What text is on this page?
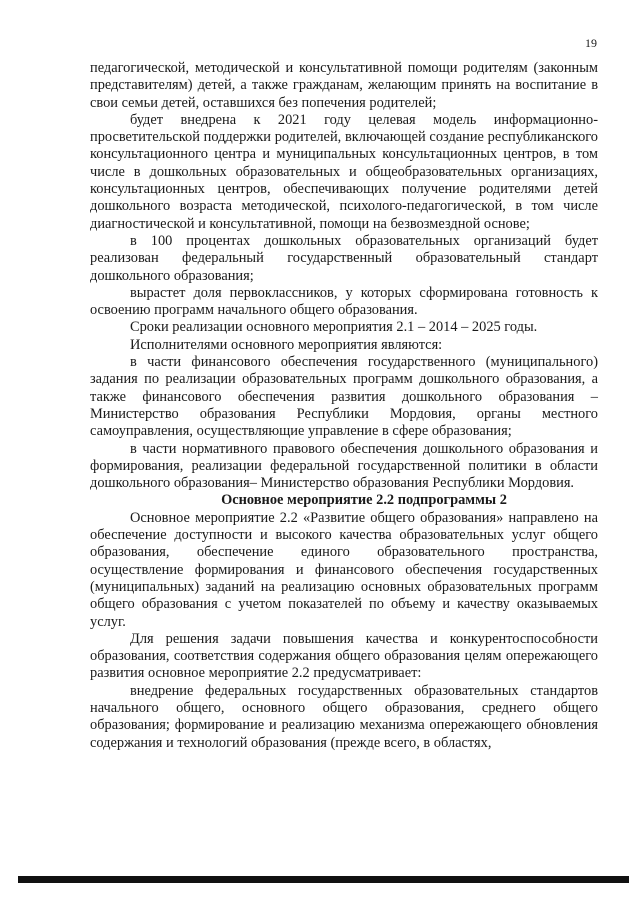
19

педагогической, методической и консультативной помощи родителям (законным представителям) детей, а также гражданам, желающим принять на воспитание в свои семьи детей, оставшихся без попечения родителей;

будет внедрена к 2021 году целевая модель информационно-просветительской поддержки родителей, включающей создание республиканского консультационного центра и муниципальных консультационных центров, в том числе в дошкольных образовательных и общеобразовательных организациях, консультационных центров, обеспечивающих получение родителями детей дошкольного возраста методической, психолого-педагогической, в том числе диагностической и консультативной, помощи на безвозмездной основе;

в 100 процентах дошкольных образовательных организаций будет реализован федеральный государственный образовательный стандарт дошкольного образования;

вырастет доля первоклассников, у которых сформирована готовность к освоению программ начального общего образования.

Сроки реализации основного мероприятия 2.1 – 2014 – 2025 годы.

Исполнителями основного мероприятия являются:

в части финансового обеспечения государственного (муниципального) задания по реализации образовательных программ дошкольного образования, а также финансового обеспечения развития дошкольного образования – Министерство образования Республики Мордовия, органы местного самоуправления, осуществляющие управление в сфере образования;

в части нормативного правового обеспечения дошкольного образования и формирования, реализации федеральной государственной политики в области дошкольного образования– Министерство образования Республики Мордовия.

Основное мероприятие 2.2 подпрограммы 2

Основное мероприятие 2.2 «Развитие общего образования» направлено на обеспечение доступности и высокого качества образовательных услуг общего образования, обеспечение единого образовательного пространства, осуществление формирования и финансового обеспечения государственных (муниципальных) заданий на реализацию основных образовательных программ общего образования с учетом показателей по объему и качеству оказываемых услуг.

Для решения задачи повышения качества и конкурентоспособности образования, соответствия содержания общего образования целям опережающего развития основное мероприятие 2.2 предусматривает:

внедрение федеральных государственных образовательных стандартов начального общего, основного общего образования, среднего общего образования; формирование и реализацию механизма опережающего обновления содержания и технологий образования (прежде всего, в областях,
